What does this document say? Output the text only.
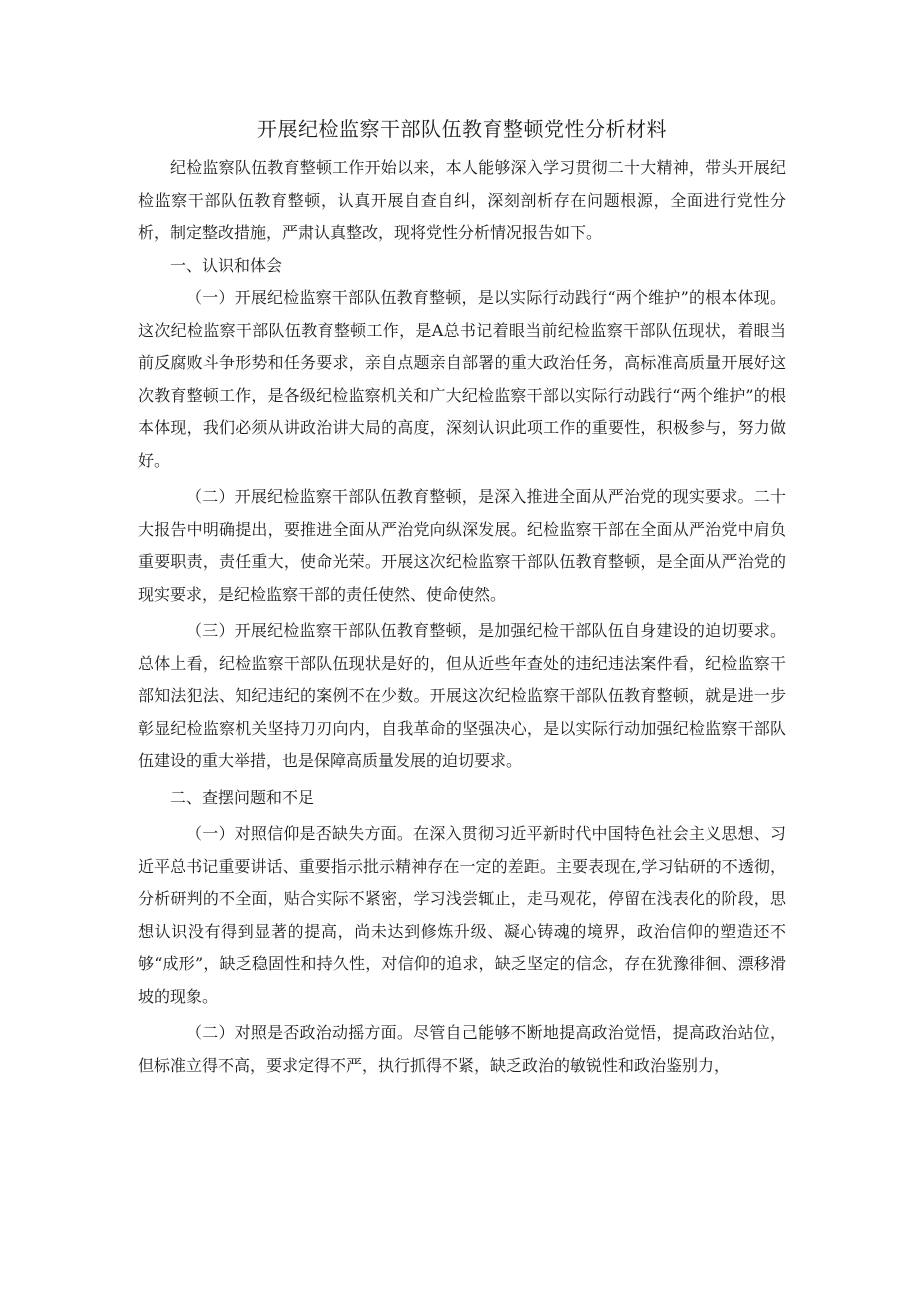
开展纪检监察干部队伍教育整顿党性分析材料

纪检监察队伍教育整顿工作开始以来，本人能够深入学习贯彻二十大精神，带头开展纪检监察干部队伍教育整顿，认真开展自查自纠，深刻剖析存在问题根源，全面进行党性分析，制定整改措施，严肃认真整改，现将党性分析情况报告如下。

一、认识和体会

（一）开展纪检监察干部队伍教育整顿，是以实际行动践行“两个维护”的根本体现。这次纪检监察干部队伍教育整顿工作，是A总书记着眼当前纪检监察干部队伍现状，着眼当前反腐败斗争形势和任务要求，亲自点题亲自部署的重大政治任务，高标准高质量开展好这次教育整顿工作，是各级纪检监察机关和广大纪检监察干部以实际行动践行“两个维护”的根本体现，我们必须从讲政治讲大局的高度，深刻认识此项工作的重要性，积极参与，努力做好。

（二）开展纪检监察干部队伍教育整顿，是深入推进全面从严治党的现实要求。二十大报告中明确提出，要推进全面从严治党向纵深发展。纪检监察干部在全面从严治党中肩负重要职责，责任重大，使命光荣。开展这次纪检监察干部队伍教育整顿，是全面从严治党的现实要求，是纪检监察干部的责任使然、使命使然。

（三）开展纪检监察干部队伍教育整顿，是加强纪检干部队伍自身建设的迫切要求。总体上看，纪检监察干部队伍现状是好的，但从近些年查处的违纪违法案件看，纪检监察干部知法犯法、知纪违纪的案例不在少数。开展这次纪检监察干部队伍教育整顿，就是进一步彰显纪检监察机关坚持刀刃向内，自我革命的坚强决心，是以实际行动加强纪检监察干部队伍建设的重大举措，也是保障高质量发展的迫切要求。

二、查摆问题和不足

（一）对照信仰是否缺失方面。在深入贯彻习近平新时代中国特色社会主义思想、习近平总书记重要讲话、重要指示批示精神存在一定的差距。主要表现在,学习钻研的不透彻，分析研判的不全面，贴合实际不紧密，学习浅尝辄止，走马观花，停留在浅表化的阶段，思想认识没有得到显著的提高，尚未达到修炼升级、凝心铸魂的境界，政治信仰的塑造还不够“成形”，缺乏稳固性和持久性，对信仰的追求，缺乏坚定的信念，存在犹豫徘徊、漂移滑坡的现象。

（二）对照是否政治动摇方面。尽管自己能够不断地提高政治觉悟，提高政治站位，但标准立得不高，要求定得不严，执行抓得不紧，缺乏政治的敏锐性和政治鉴别力，
